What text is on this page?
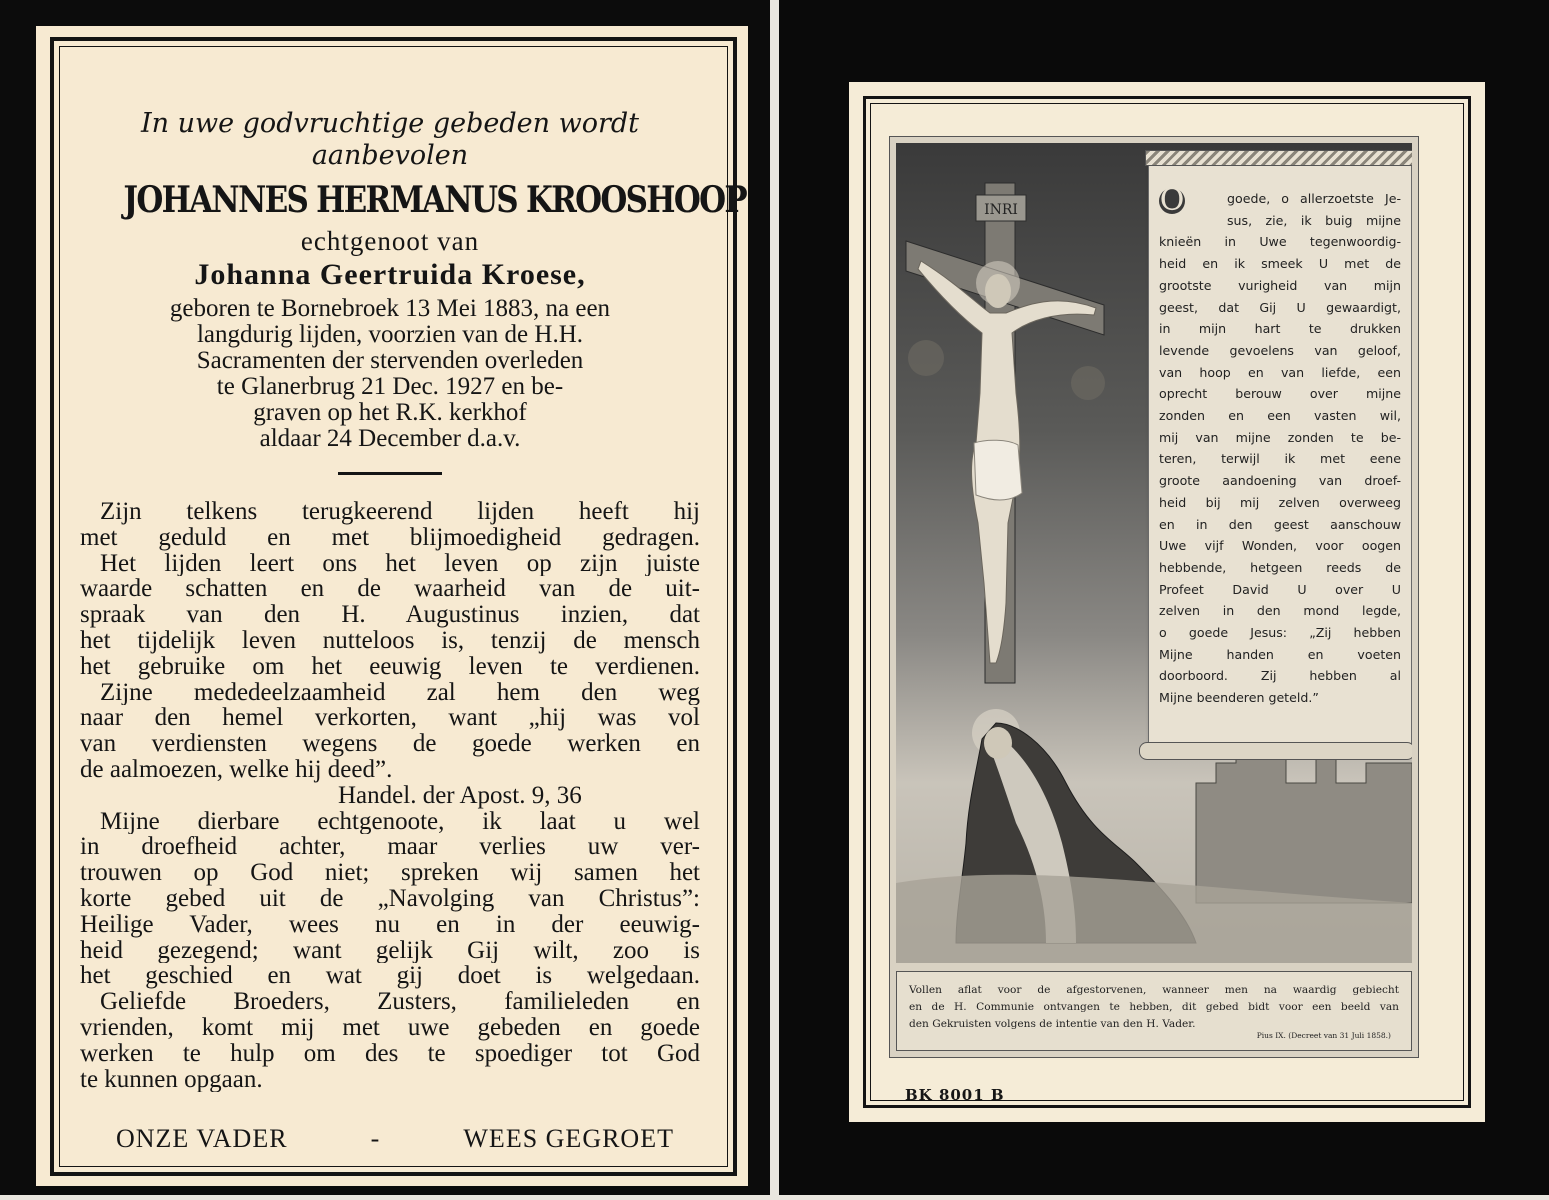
In uwe godvruchtige gebeden wordt

aanbevolen

JOHANNES HERMANUS KROOSHOOP
echtgenoot van
Johanna Geertruida Kroese,
geboren te Bornebroek 13 Mei 1883, na een
langdurig lijden, voorzien van de H.H.
Sacramenten der stervenden overleden
te Glanerbrug 21 Dec. 1927 en be-
graven op het R.K. kerkhof
aldaar 24 December d.a.v.
Zijn telkens terugkeerend lijden heeft hij
met geduld en met blijmoedigheid gedragen.
Het lijden leert ons het leven op zijn juiste
waarde schatten en de waarheid van de uit-
spraak van den H. Augustinus inzien, dat
het tijdelijk leven nutteloos is, tenzij de mensch
het gebruike om het eeuwig leven te verdienen.
Zijne mededeelzaamheid zal hem den weg
naar den hemel verkorten, want „hij was vol
van verdiensten wegens de goede werken en
de aalmoezen, welke hij deed”.
Handel. der Apost. 9, 36
Mijne dierbare echtgenoote, ik laat u wel
in droefheid achter, maar verlies uw ver-
trouwen op God niet; spreken wij samen het
korte gebed uit de „Navolging van Christus”:
Heilige Vader, wees nu en in der eeuwig-
heid gezegend; want gelijk Gij wilt, zoo is
het geschied en wat gij doet is welgedaan.
Geliefde Broeders, Zusters, familieleden en
vrienden, komt mij met uwe gebeden en goede
werken te hulp om des te spoediger tot God
te kunnen opgaan.
ONZE VADER	-	WEES GEGROET
INRI	O	goede, o allerzoetste Je-
sus, zie, ik buig mijne
knieën in Uwe tegenwoordig-
heid en ik smeek U met de
grootste vurigheid van mijn
geest, dat Gij U gewaardigt,
in mijn hart te drukken
levende gevoelens van geloof,
van hoop en van liefde, een
oprecht berouw over mijne
zonden en een vasten wil,
mij van mijne zonden te be-
teren, terwijl ik met eene
groote aandoening van droef-
heid bij mij zelven overweeg
en in den geest aanschouw
Uwe vijf Wonden, voor oogen
hebbende, hetgeen reeds de
Profeet David U over U
zelven in den mond legde,
o goede Jesus: „Zij hebben
Mijne handen en voeten
doorboord. Zij hebben al
Mijne beenderen geteld.”
Vollen aflat voor de afgestorvenen, wanneer men na waardig gebiecht
en de H. Communie ontvangen te hebben, dit gebed bidt voor een beeld van
den Gekruisten volgens de intentie van den H. Vader.
Pius IX. (Decreet van 31 Juli 1858.)
BK 8001 B
